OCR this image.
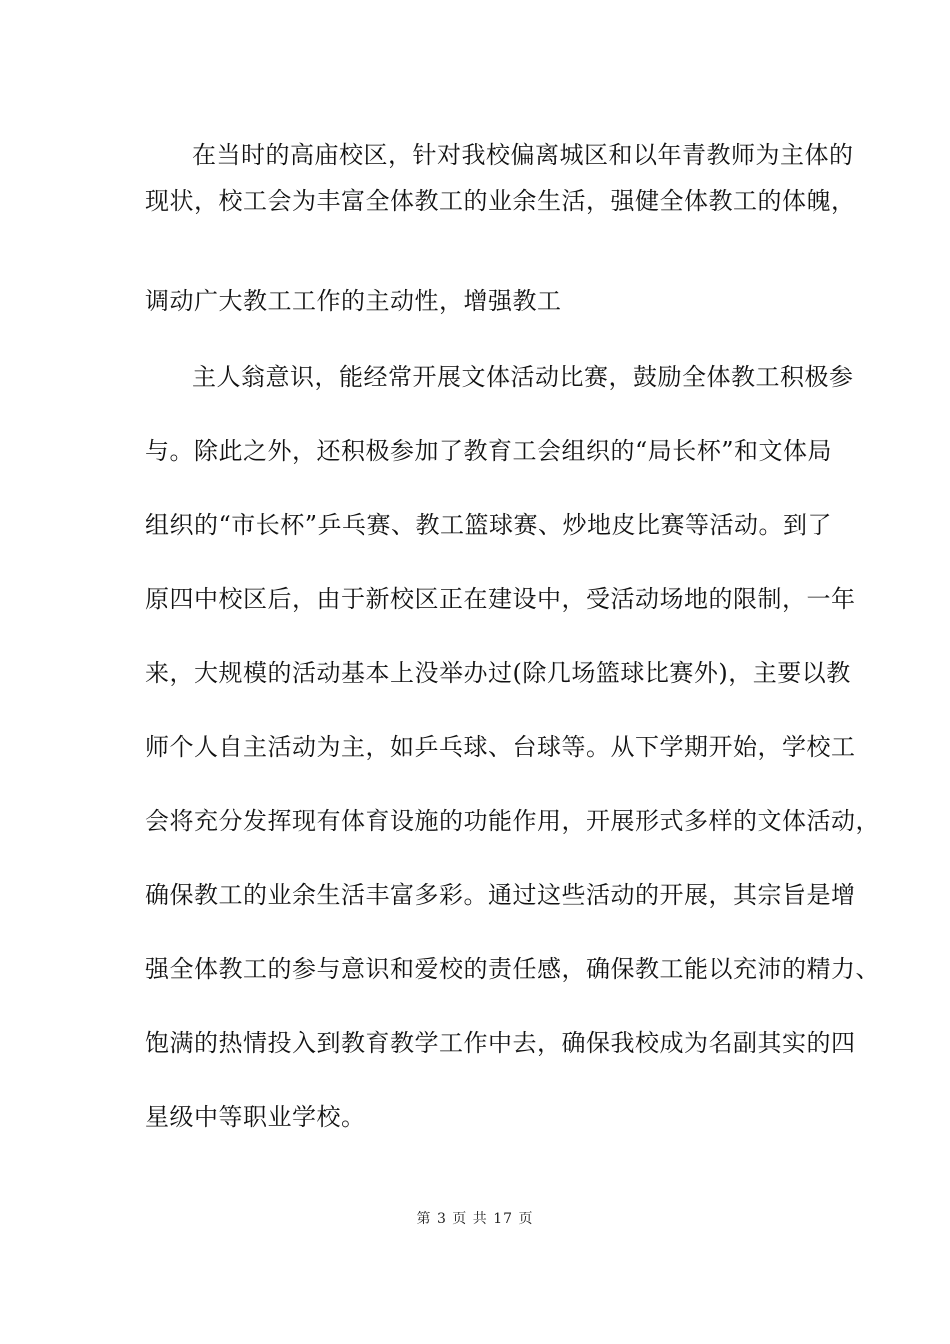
在当时的高庙校区，针对我校偏离城区和以年青教师为主体的
现状，校工会为丰富全体教工的业余生活，强健全体教工的体魄，
调动广大教工工作的主动性，增强教工
主人翁意识，能经常开展文体活动比赛，鼓励全体教工积极参
与。除此之外，还积极参加了教育工会组织的“局长杯”和文体局
组织的“市长杯”乒乓赛、教工篮球赛、炒地皮比赛等活动。到了
原四中校区后，由于新校区正在建设中，受活动场地的限制，一年
来，大规模的活动基本上没举办过(除几场篮球比赛外)，主要以教
师个人自主活动为主，如乒乓球、台球等。从下学期开始，学校工
会将充分发挥现有体育设施的功能作用，开展形式多样的文体活动，
确保教工的业余生活丰富多彩。通过这些活动的开展，其宗旨是增
强全体教工的参与意识和爱校的责任感，确保教工能以充沛的精力、
饱满的热情投入到教育教学工作中去，确保我校成为名副其实的四
星级中等职业学校。
第 3 页 共 17 页
